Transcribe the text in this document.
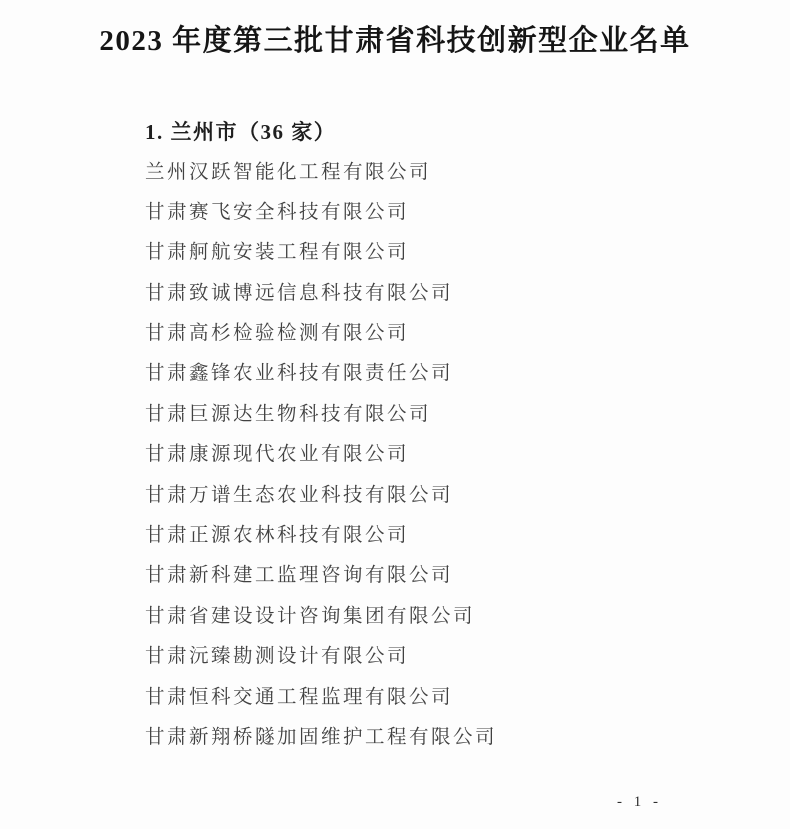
2023 年度第三批甘肃省科技创新型企业名单
1. 兰州市（36 家）
兰州汉跃智能化工程有限公司
甘肃赛飞安全科技有限公司
甘肃舸航安装工程有限公司
甘肃致诚博远信息科技有限公司
甘肃高杉检验检测有限公司
甘肃鑫锋农业科技有限责任公司
甘肃巨源达生物科技有限公司
甘肃康源现代农业有限公司
甘肃万谱生态农业科技有限公司
甘肃正源农林科技有限公司
甘肃新科建工监理咨询有限公司
甘肃省建设设计咨询集团有限公司
甘肃沅臻勘测设计有限公司
甘肃恒科交通工程监理有限公司
甘肃新翔桥隧加固维护工程有限公司
- 1 -
